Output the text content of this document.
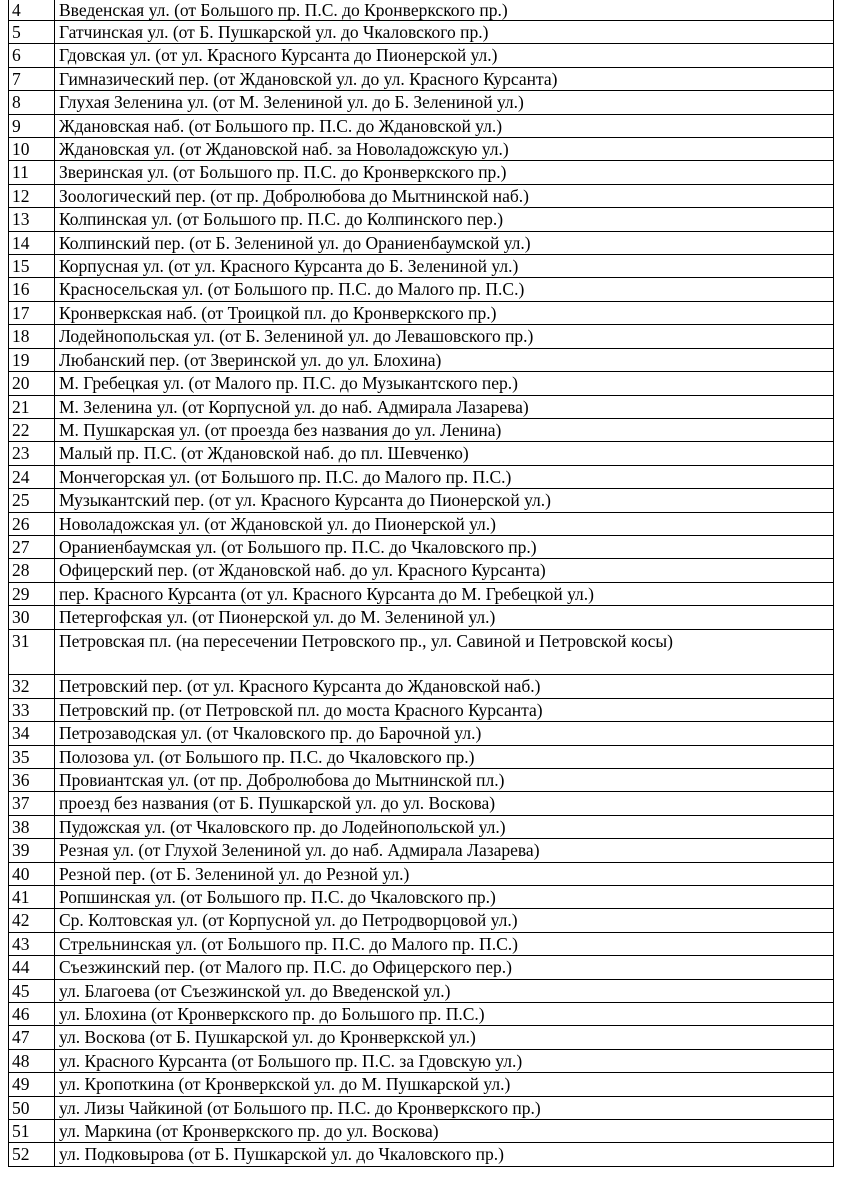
4	Введенская ул. (от Большого пр. П.С. до Кронверкского пр.)
5	Гатчинская ул. (от Б. Пушкарской ул. до Чкаловского пр.)
6	Гдовская ул. (от ул. Красного Курсанта до Пионерской ул.)
7	Гимназический пер. (от Ждановской ул. до ул. Красного Курсанта)
8	Глухая Зеленина ул. (от М. Зелениной ул. до Б. Зелениной ул.)
9	Ждановская наб. (от Большого пр. П.С. до Ждановской ул.)
10	Ждановская ул. (от Ждановской наб. за Новоладожскую ул.)
11	Зверинская ул. (от Большого пр. П.С. до Кронверкского пр.)
12	Зоологический пер. (от пр. Добролюбова до Мытнинской наб.)
13	Колпинская ул. (от Большого пр. П.С. до Колпинского пер.)
14	Колпинский пер. (от Б. Зелениной ул. до Ораниенбаумской ул.)
15	Корпусная ул. (от ул. Красного Курсанта до Б. Зелениной ул.)
16	Красносельская ул. (от Большого пр. П.С. до Малого пр. П.С.)
17	Кронверкская наб. (от Троицкой пл. до Кронверкского пр.)
18	Лодейнопольская ул. (от Б. Зелениной ул. до Левашовского пр.)
19	Любанский пер. (от Зверинской ул. до ул. Блохина)
20	М. Гребецкая ул. (от Малого пр. П.С. до Музыкантского пер.)
21	М. Зеленина ул. (от Корпусной ул. до наб. Адмирала Лазарева)
22	М. Пушкарская ул. (от проезда без названия до ул. Ленина)
23	Малый пр. П.С. (от Ждановской наб. до пл. Шевченко)
24	Мончегорская ул. (от Большого пр. П.С. до Малого пр. П.С.)
25	Музыкантский пер. (от ул. Красного Курсанта до Пионерской ул.)
26	Новоладожская ул. (от Ждановской ул. до Пионерской ул.)
27	Ораниенбаумская ул. (от Большого пр. П.С. до Чкаловского пр.)
28	Офицерский пер. (от Ждановской наб. до ул. Красного Курсанта)
29	пер. Красного Курсанта (от ул. Красного Курсанта до М. Гребецкой ул.)
30	Петергофская ул. (от Пионерской ул. до М. Зелениной ул.)
31	Петровская пл. (на пересечении Петровского пр., ул. Савиной и Петровской косы)
32	Петровский пер. (от ул. Красного Курсанта до Ждановской наб.)
33	Петровский пр. (от Петровской пл. до моста Красного Курсанта)
34	Петрозаводская ул. (от Чкаловского пр. до Барочной ул.)
35	Полозова ул. (от Большого пр. П.С. до Чкаловского пр.)
36	Провиантская ул. (от пр. Добролюбова до Мытнинской пл.)
37	проезд без названия (от Б. Пушкарской ул. до ул. Воскова)
38	Пудожская ул. (от Чкаловского пр. до Лодейнопольской ул.)
39	Резная ул. (от Глухой Зелениной ул. до наб. Адмирала Лазарева)
40	Резной пер. (от Б. Зелениной ул. до Резной ул.)
41	Ропшинская ул. (от Большого пр. П.С. до Чкаловского пр.)
42	Ср. Колтовская ул. (от Корпусной ул. до Петродворцовой ул.)
43	Стрельнинская ул. (от Большого пр. П.С. до Малого пр. П.С.)
44	Съезжинский пер. (от Малого пр. П.С. до Офицерского пер.)
45	ул. Благоева (от Съезжинской ул. до Введенской ул.)
46	ул. Блохина (от Кронверкского пр. до Большого пр. П.С.)
47	ул. Воскова (от Б. Пушкарской ул. до Кронверкской ул.)
48	ул. Красного Курсанта (от Большого пр. П.С. за Гдовскую ул.)
49	ул. Кропоткина (от Кронверкской ул. до М. Пушкарской ул.)
50	ул. Лизы Чайкиной (от Большого пр. П.С. до Кронверкского пр.)
51	ул. Маркина (от Кронверкского пр. до ул. Воскова)
52	ул. Подковырова (от Б. Пушкарской ул. до Чкаловского пр.)
